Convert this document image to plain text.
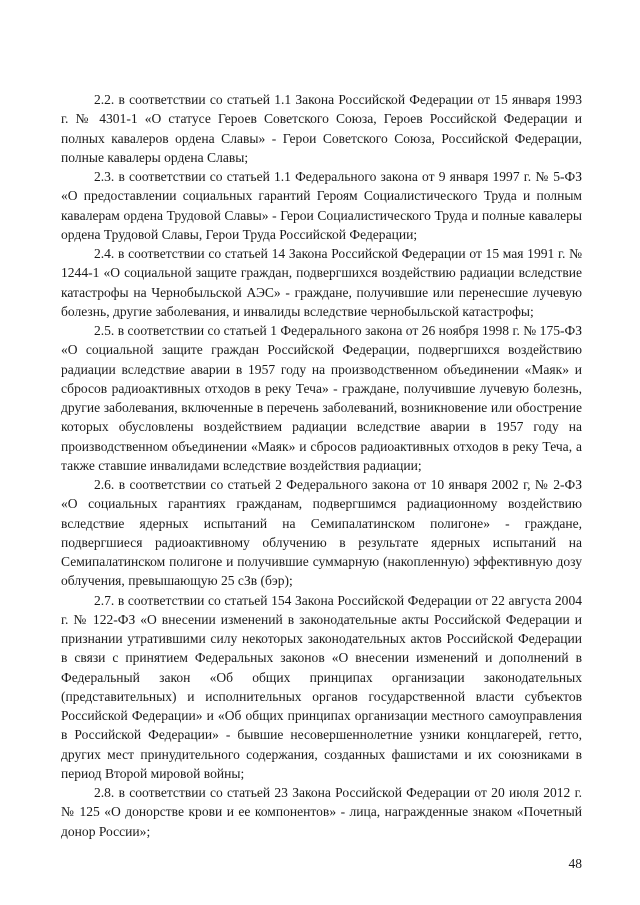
2.2. в соответствии со статьей 1.1 Закона Российской Федерации от 15 января 1993 г. № 4301-1 «О статусе Героев Советского Союза, Героев Российской Федерации и полных кавалеров ордена Славы» - Герои Советского Союза, Российской Федерации, полные кавалеры ордена Славы;

2.3. в соответствии со статьей 1.1 Федерального закона от 9 января 1997 г. № 5-ФЗ «О предоставлении социальных гарантий Героям Социалистического Труда и полным кавалерам ордена Трудовой Славы» - Герои Социалистического Труда и полные кавалеры ордена Трудовой Славы, Герои Труда Российской Федерации;

2.4. в соответствии со статьей 14 Закона Российской Федерации от 15 мая 1991 г. № 1244-1 «О социальной защите граждан, подвергшихся воздействию радиации вследствие катастрофы на Чернобыльской АЭС» - граждане, получившие или перенесшие лучевую болезнь, другие заболевания, и инвалиды вследствие чернобыльской катастрофы;

2.5. в соответствии со статьей 1 Федерального закона от 26 ноября 1998 г. № 175-ФЗ «О социальной защите граждан Российской Федерации, подвергшихся воздействию радиации вследствие аварии в 1957 году на производственном объединении «Маяк» и сбросов радиоактивных отходов в реку Теча» - граждане, получившие лучевую болезнь, другие заболевания, включенные в перечень заболеваний, возникновение или обострение которых обусловлены воздействием радиации вследствие аварии в 1957 году на производственном объединении «Маяк» и сбросов радиоактивных отходов в реку Теча, а также ставшие инвалидами вследствие воздействия радиации;

2.6. в соответствии со статьей 2 Федерального закона от 10 января 2002 г, № 2-ФЗ «О социальных гарантиях гражданам, подвергшимся радиационному воздействию вследствие ядерных испытаний на Семипалатинском полигоне» - граждане, подвергшиеся радиоактивному облучению в результате ядерных испытаний на Семипалатинском полигоне и получившие суммарную (накопленную) эффективную дозу облучения, превышающую 25 сЗв (бэр);

2.7. в соответствии со статьей 154 Закона Российской Федерации от 22 августа 2004 г. № 122-ФЗ «О внесении изменений в законодательные акты Российской Федерации и признании утратившими силу некоторых законодательных актов Российской Федерации в связи с принятием Федеральных законов «О внесении изменений и дополнений в Федеральный закон «Об общих принципах организации законодательных (представительных) и исполнительных органов государственной власти субъектов Российской Федерации» и «Об общих принципах организации местного самоуправления в Российской Федерации» - бывшие несовершеннолетние узники концлагерей, гетто, других мест принудительного содержания, созданных фашистами и их союзниками в период Второй мировой войны;

2.8. в соответствии со статьей 23 Закона Российской Федерации от 20 июля 2012 г. № 125 «О донорстве крови и ее компонентов» - лица, награжденные знаком «Почетный донор России»;

48
